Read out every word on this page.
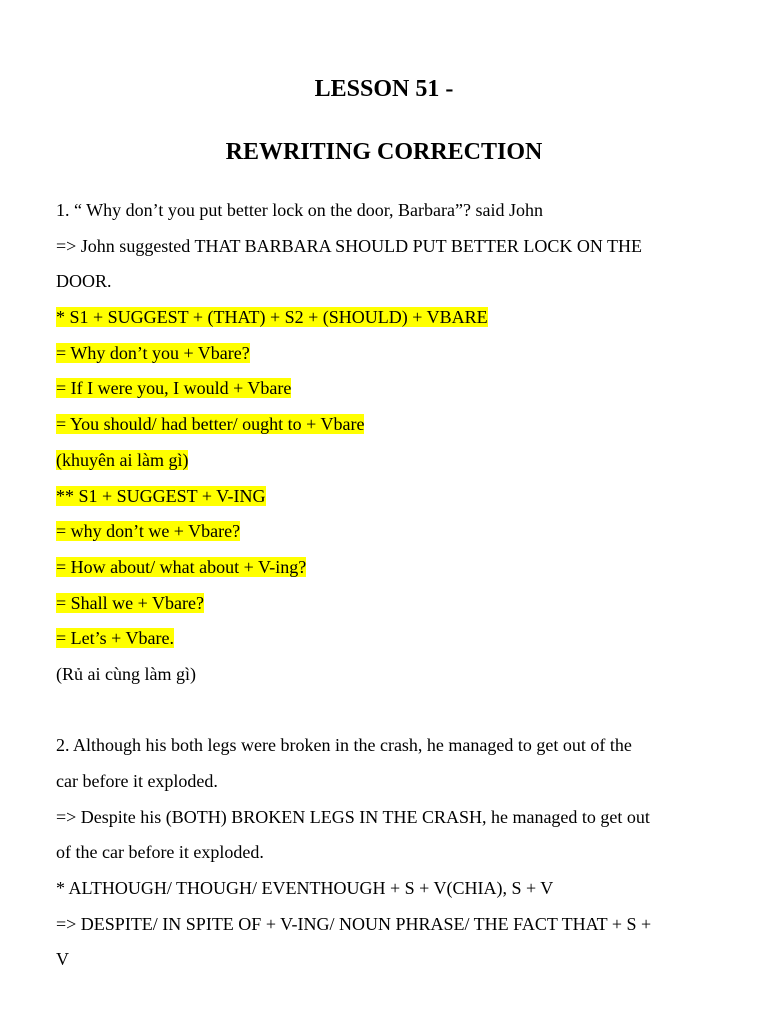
LESSON 51 -
REWRITING CORRECTION
1. “ Why don’t you put better lock on the door, Barbara”? said John
=> John suggested THAT BARBARA SHOULD PUT BETTER LOCK ON THE
DOOR.
* S1 + SUGGEST + (THAT) + S2 + (SHOULD) + VBARE
= Why don’t you + Vbare?
= If I were you, I would + Vbare
= You should/ had better/ ought to + Vbare
(khuyên ai làm gì)
** S1 + SUGGEST + V-ING
= why don’t we + Vbare?
= How about/ what about + V-ing?
= Shall we + Vbare?
= Let’s + Vbare.
(Rủ ai cùng làm gì)
2. Although his both legs were broken in the crash, he managed to get out of the
car before it exploded.
=> Despite his (BOTH) BROKEN LEGS IN THE CRASH, he managed to get out
of the car before it exploded.
* ALTHOUGH/ THOUGH/ EVENTHOUGH + S + V(CHIA), S + V
=> DESPITE/ IN SPITE OF + V-ING/ NOUN PHRASE/ THE FACT THAT + S +
V
